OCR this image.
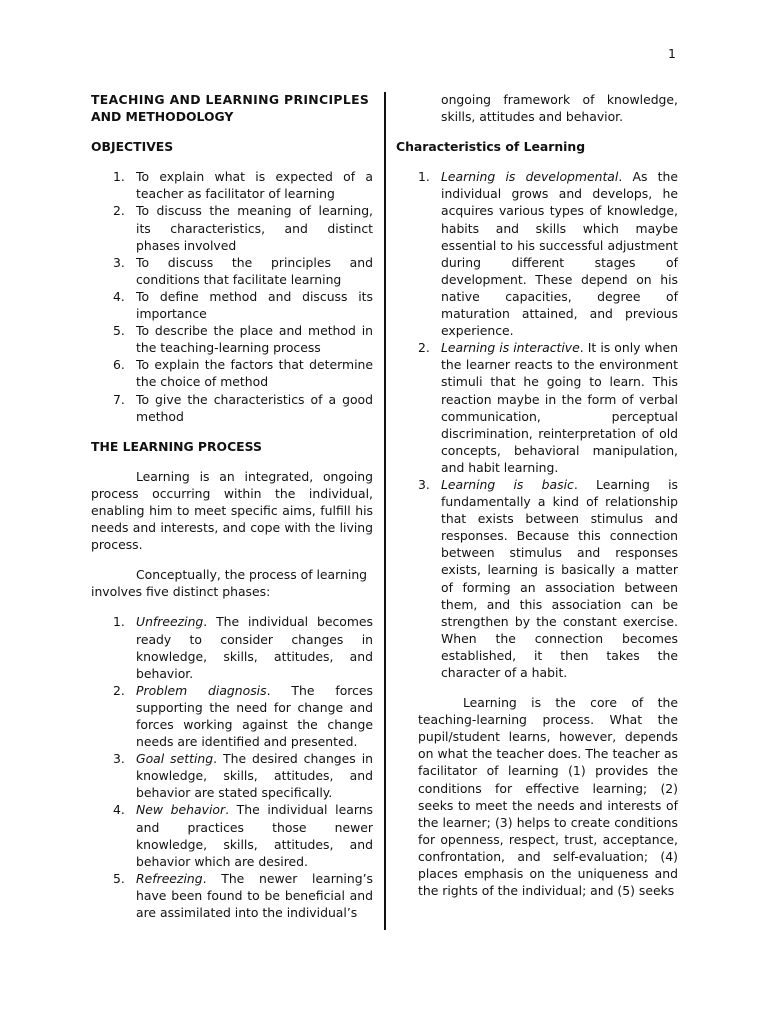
1

TEACHING AND LEARNING PRINCIPLES

AND METHODOLOGY

OBJECTIVES

1. To explain what is expected of a teacher as facilitator of learning
2. To discuss the meaning of learning, its characteristics, and distinct phases involved
3. To discuss the principles and conditions that facilitate learning
4. To define method and discuss its importance
5. To describe the place and method in the teaching-learning process
6. To explain the factors that determine the choice of method
7. To give the characteristics of a good method

THE LEARNING PROCESS

Learning is an integrated, ongoing process occurring within the individual, enabling him to meet specific aims, fulfill his needs and interests, and cope with the living process.

Conceptually, the process of learning involves five distinct phases:

1. Unfreezing. The individual becomes ready to consider changes in knowledge, skills, attitudes, and behavior.
2. Problem diagnosis. The forces supporting the need for change and forces working against the change needs are identified and presented.
3. Goal setting. The desired changes in knowledge, skills, attitudes, and behavior are stated specifically.
4. New behavior. The individual learns and practices those newer knowledge, skills, attitudes, and behavior which are desired.
5. Refreezing. The newer learning’s have been found to be beneficial and are assimilated into the individual’s

ongoing framework of knowledge, skills, attitudes and behavior.

Characteristics of Learning

1. Learning is developmental. As the individual grows and develops, he acquires various types of knowledge, habits and skills which maybe essential to his successful adjustment during different stages of development. These depend on his native capacities, degree of maturation attained, and previous experience.
2. Learning is interactive. It is only when the learner reacts to the environment stimuli that he going to learn. This reaction maybe in the form of verbal communication, perceptual discrimination, reinterpretation of old concepts, behavioral manipulation, and habit learning.
3. Learning is basic. Learning is fundamentally a kind of relationship that exists between stimulus and responses. Because this connection between stimulus and responses exists, learning is basically a matter of forming an association between them, and this association can be strengthen by the constant exercise. When the connection becomes established, it then takes the character of a habit.

Learning is the core of the teaching-learning process. What the pupil/student learns, however, depends on what the teacher does. The teacher as facilitator of learning (1) provides the conditions for effective learning; (2) seeks to meet the needs and interests of the learner; (3) helps to create conditions for openness, respect, trust, acceptance, confrontation, and self-evaluation; (4) places emphasis on the uniqueness and the rights of the individual; and (5) seeks
